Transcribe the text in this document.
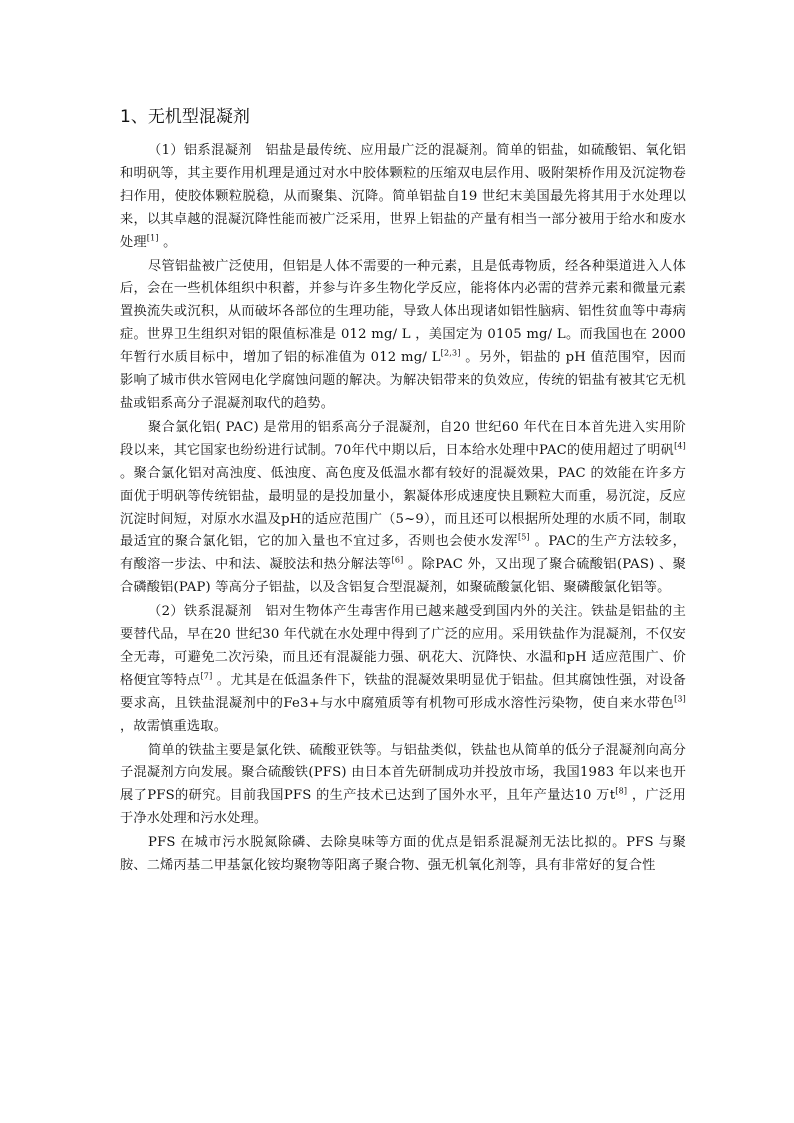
1、无机型混凝剂

（1）铝系混凝剂　铝盐是最传统、应用最广泛的混凝剂。简单的铝盐，如硫酸铝、氧化铝和明矾等，其主要作用机理是通过对水中胶体颗粒的压缩双电层作用、吸附架桥作用及沉淀物卷扫作用，使胶体颗粒脱稳，从而聚集、沉降。简单铝盐自19 世纪末美国最先将其用于水处理以来，以其卓越的混凝沉降性能而被广泛采用，世界上铝盐的产量有相当一部分被用于给水和废水处理[1] 。

尽管铝盐被广泛使用，但铝是人体不需要的一种元素，且是低毒物质，经各种渠道进入人体后，会在一些机体组织中积蓄，并参与许多生物化学反应，能将体内必需的营养元素和微量元素置换流失或沉积，从而破坏各部位的生理功能，导致人体出现诸如铝性脑病、铝性贫血等中毒病症。世界卫生组织对铝的限值标准是 012 mg/ L ，美国定为 0105 mg/ L。而我国也在 2000 年暂行水质目标中，增加了铝的标准值为 012 mg/ L[2,3] 。另外，铝盐的 pH 值范围窄，因而影响了城市供水管网电化学腐蚀问题的解决。为解决铝带来的负效应，传统的铝盐有被其它无机盐或铝系高分子混凝剂取代的趋势。

聚合氯化铝( PAC) 是常用的铝系高分子混凝剂，自20 世纪60 年代在日本首先进入实用阶段以来，其它国家也纷纷进行试制。70年代中期以后，日本给水处理中PAC的使用超过了明矾[4] 。聚合氯化铝对高浊度、低浊度、高色度及低温水都有较好的混凝效果，PAC 的效能在许多方面优于明矾等传统铝盐，最明显的是投加量小，絮凝体形成速度快且颗粒大而重，易沉淀，反应沉淀时间短，对原水水温及pH的适应范围广（5~9），而且还可以根据所处理的水质不同，制取最适宜的聚合氯化铝，它的加入量也不宜过多，否则也会使水发浑[5] 。PAC的生产方法较多，有酸溶一步法、中和法、凝胶法和热分解法等[6] 。除PAC 外，又出现了聚合硫酸铝(PAS) 、聚合磷酸铝(PAP) 等高分子铝盐，以及含铝复合型混凝剂，如聚硫酸氯化铝、聚磷酸氯化铝等。

（2）铁系混凝剂　铝对生物体产生毒害作用已越来越受到国内外的关注。铁盐是铝盐的主要替代品，早在20 世纪30 年代就在水处理中得到了广泛的应用。采用铁盐作为混凝剂，不仅安全无毒，可避免二次污染，而且还有混凝能力强、矾花大、沉降快、水温和pH 适应范围广、价格便宜等特点[7] 。尤其是在低温条件下，铁盐的混凝效果明显优于铝盐。但其腐蚀性强，对设备要求高，且铁盐混凝剂中的Fe3+与水中腐殖质等有机物可形成水溶性污染物，使自来水带色[3] ，故需慎重选取。

简单的铁盐主要是氯化铁、硫酸亚铁等。与铝盐类似，铁盐也从简单的低分子混凝剂向高分子混凝剂方向发展。聚合硫酸铁(PFS) 由日本首先研制成功并投放市场，我国1983 年以来也开展了PFS的研究。目前我国PFS 的生产技术已达到了国外水平，且年产量达10 万t[8] ，广泛用于净水处理和污水处理。

PFS 在城市污水脱氮除磷、去除臭味等方面的优点是铝系混凝剂无法比拟的。PFS 与聚胺、二烯丙基二甲基氯化铵均聚物等阳离子聚合物、强无机氧化剂等，具有非常好的复合性
